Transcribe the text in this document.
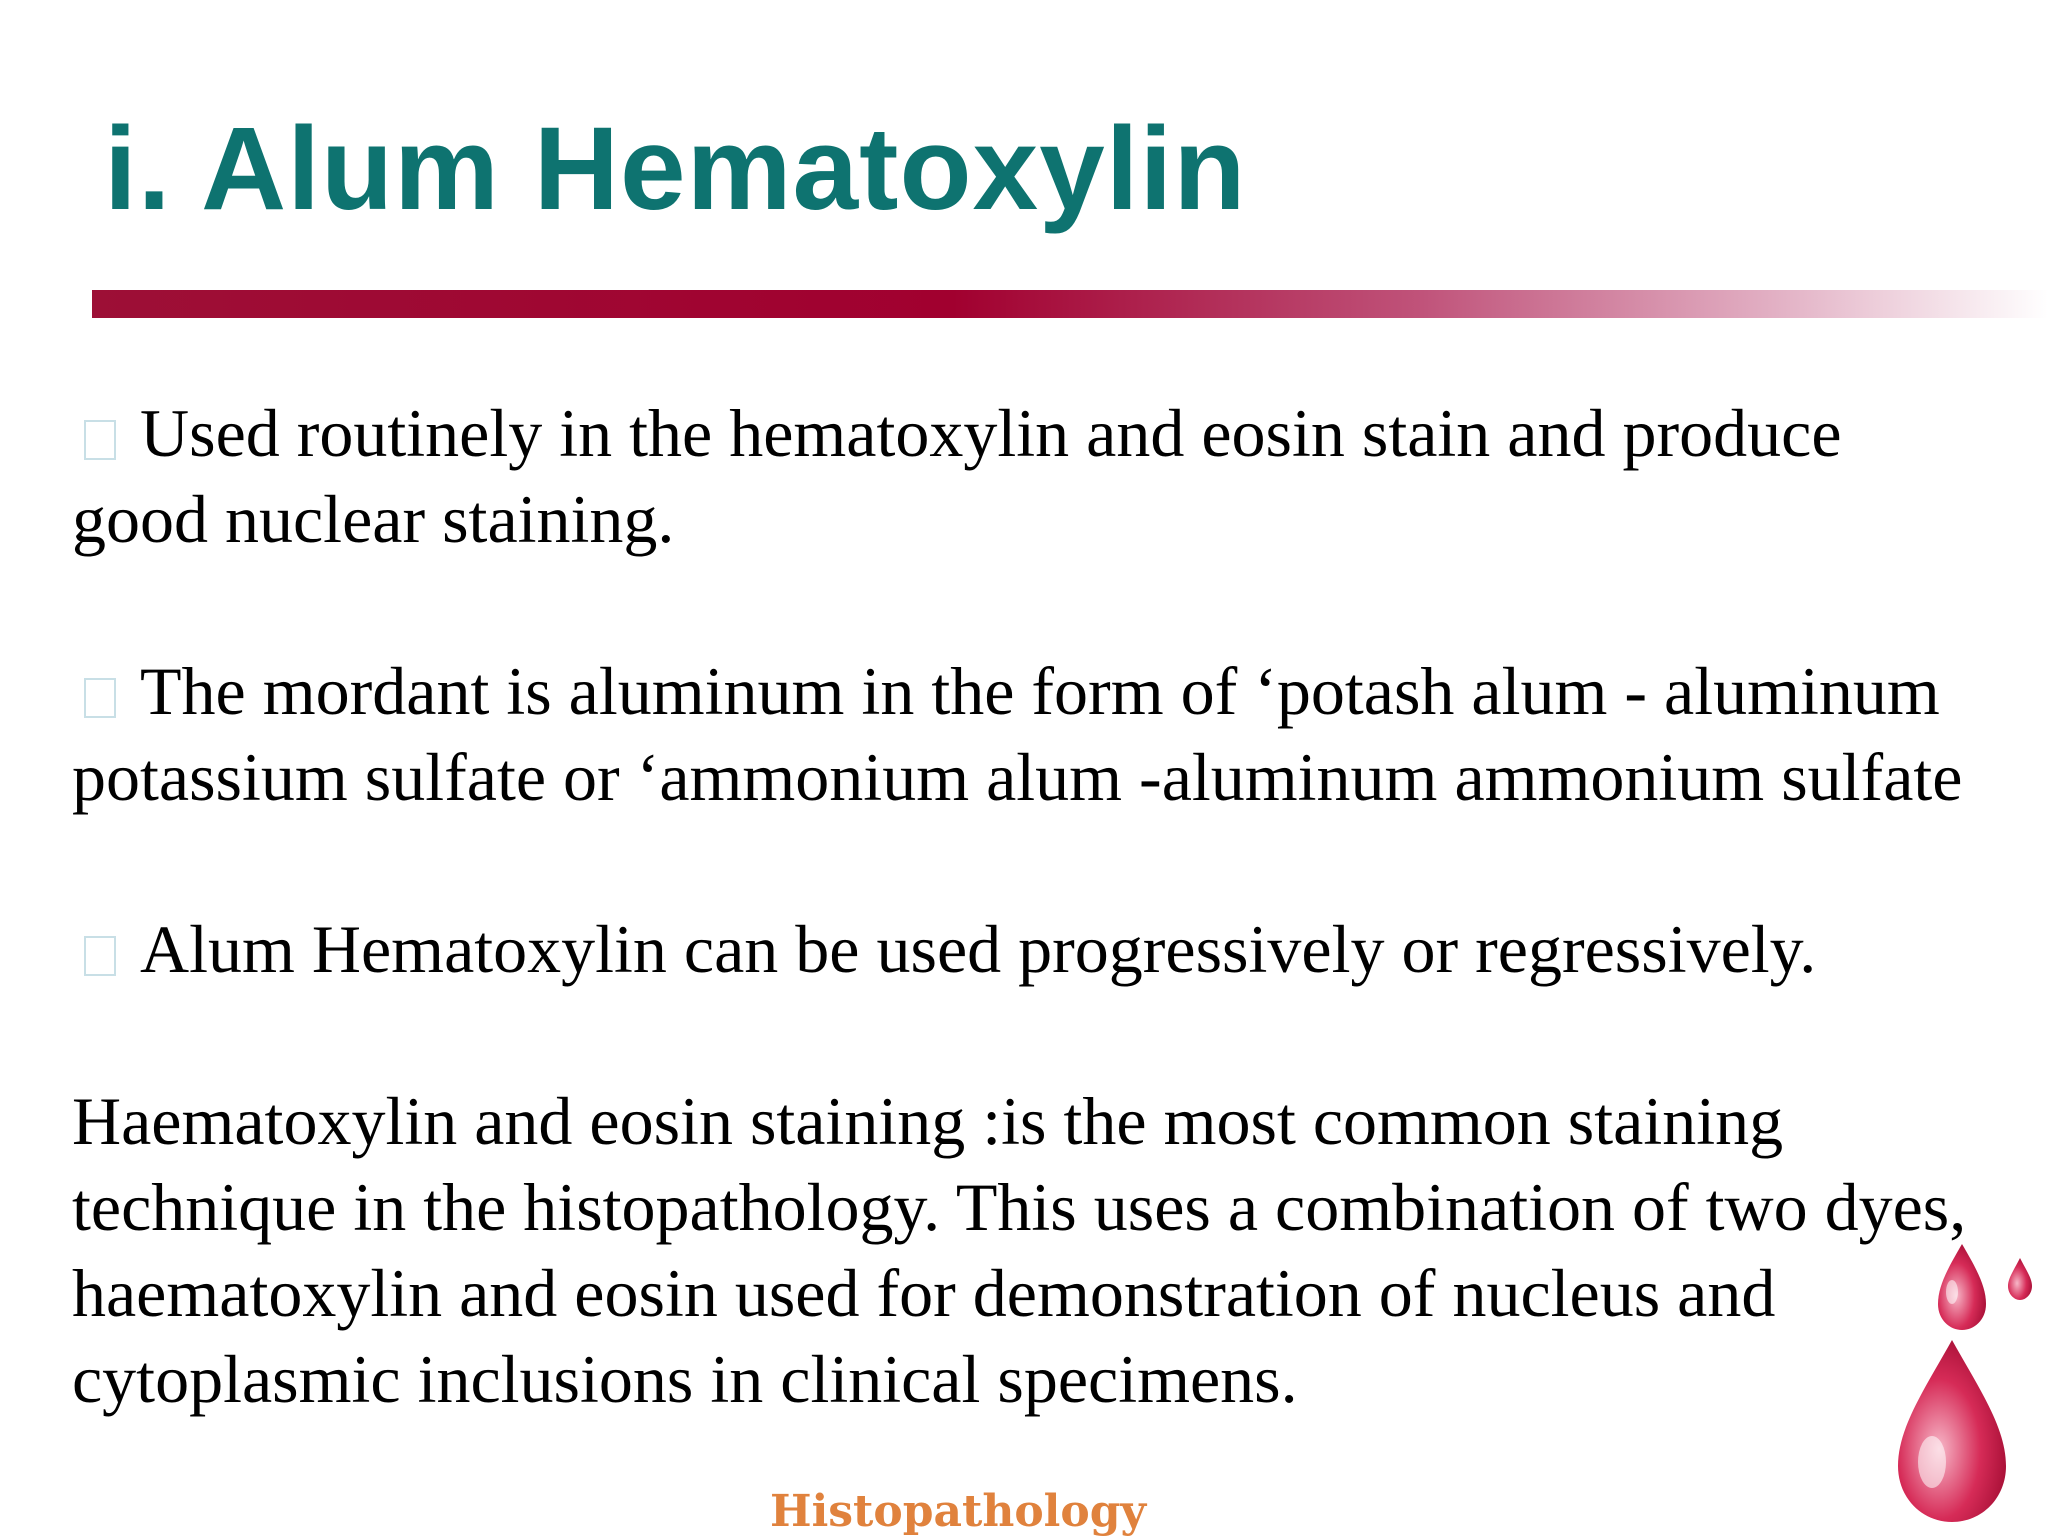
i. Alum Hematoxylin

Used routinely in the hematoxylin and eosin stain and produce good nuclear staining.

The mordant is aluminum in the form of ‘potash alum - aluminum potassium sulfate or ‘ammonium alum -aluminum ammonium sulfate

Alum Hematoxylin can be used progressively or regressively.

Haematoxylin and eosin staining :is the most common staining technique in the histopathology. This uses a combination of two dyes, haematoxylin and eosin used for demonstration of nucleus and cytoplasmic inclusions in clinical specimens.

Histopathology
